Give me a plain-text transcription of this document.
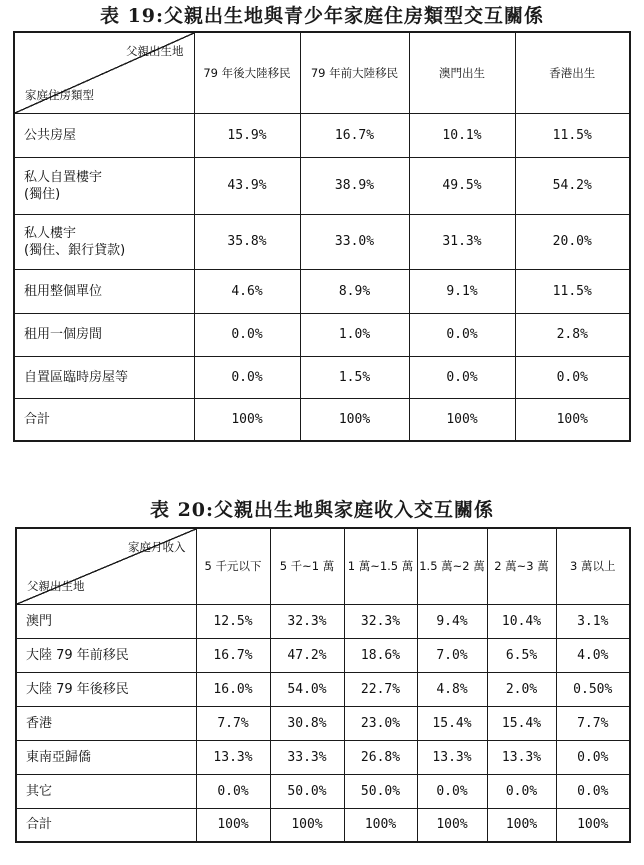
表 19:父親出生地與青少年家庭住房類型交互關係
父親出生地
家庭住房類型	79 年後大陸移民	79 年前大陸移民	澳門出生	香港出生

公共房屋	15.9%	16.7%	10.1%	11.5%

私人自置樓宇
(獨住)	43.9%	38.9%	49.5%	54.2%

私人樓宇
(獨住、銀行貸款)	35.8%	33.0%	31.3%	20.0%

租用整個單位	4.6%	8.9%	9.1%	11.5%

租用一個房間	0.0%	1.0%	0.0%	2.8%

自置區臨時房屋等	0.0%	1.5%	0.0%	0.0%

合計	100%	100%	100%	100%
表 20:父親出生地與家庭收入交互關係
家庭月收入
父親出生地	5 千元以下	5 千~1 萬	1 萬~1.5 萬	1.5 萬~2 萬	2 萬~3 萬	3 萬以上
澳門	12.5%	32.3%	32.3%	9.4%	10.4%	3.1%
大陸 79 年前移民	16.7%	47.2%	18.6%	7.0%	6.5%	4.0%
大陸 79 年後移民	16.0%	54.0%	22.7%	4.8%	2.0%	0.50%
香港	7.7%	30.8%	23.0%	15.4%	15.4%	7.7%
東南亞歸僑	13.3%	33.3%	26.8%	13.3%	13.3%	0.0%
其它	0.0%	50.0%	50.0%	0.0%	0.0%	0.0%
合計	100%	100%	100%	100%	100%	100%
